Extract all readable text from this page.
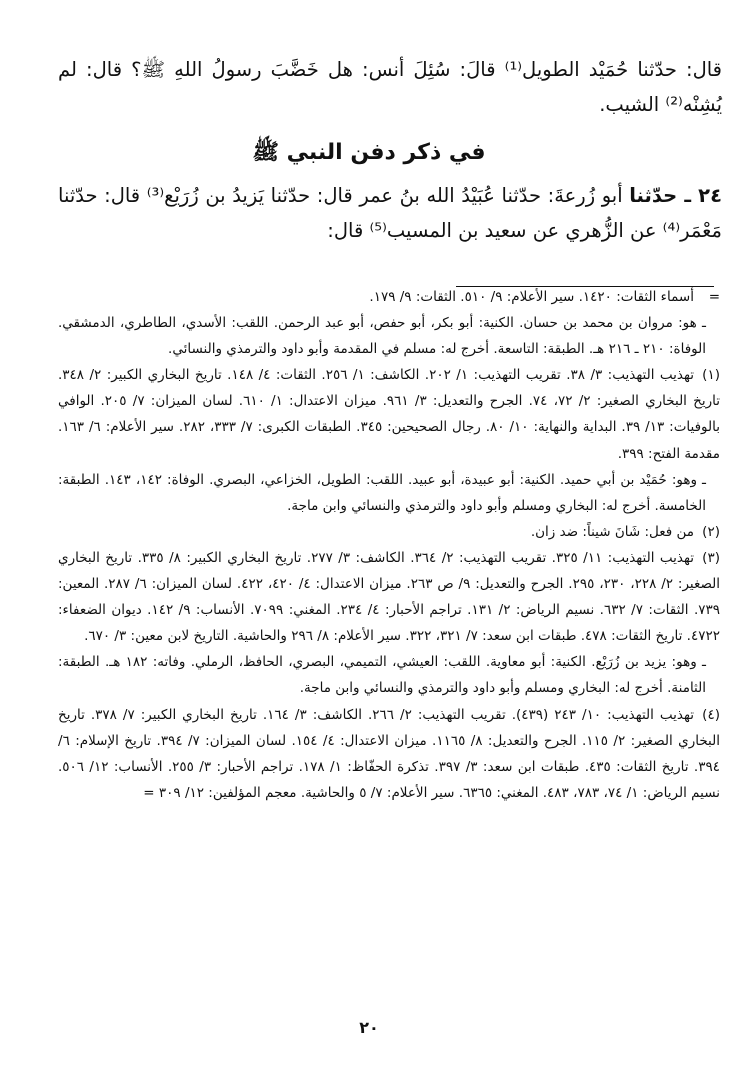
قال: حدّثنا حُمَيْد الطويل⁽¹⁾ قالَ: سُئِلَ أنس: هل خَضَّبَ رسولُ اللهِ ﷺ؟ قال: لم يُشِنْه⁽²⁾ الشيب.
في ذكر دفن النبي ﷺ
٢٤ ـ حدّثنا أبو زُرعةَ: حدّثنا عُبَيْدُ الله بنُ عمر قال: حدّثنا يَزيدُ بن زُرَيْع⁽³⁾ قال: حدّثنا مَعْمَر⁽⁴⁾ عن الزُّهري عن سعيد بن المسيب⁽⁵⁾ قال:
=أسماء الثقات: ١٤٢٠. سير الأعلام: ٩/ ٥١٠. الثقات: ٩/ ١٧٩.
ـ هو: مروان بن محمد بن حسان. الكنية: أبو بكر، أبو حفص، أبو عبد الرحمن. اللقب: الأسدي، الطاطري، الدمشقي. الوفاة: ٢١٠ ـ ٢١٦ هـ. الطبقة: التاسعة. أخرج له: مسلم في المقدمة وأبو داود والترمذي والنسائي.
(١)تهذيب التهذيب: ٣/ ٣٨. تقريب التهذيب: ١/ ٢٠٢. الكاشف: ١/ ٢٥٦. الثقات: ٤/ ١٤٨. تاريخ البخاري الكبير: ٢/ ٣٤٨. تاريخ البخاري الصغير: ٢/ ٧٢، ٧٤. الجرح والتعديل: ٣/ ٩٦١. ميزان الاعتدال: ١/ ٦١٠. لسان الميزان: ٧/ ٢٠٥. الوافي بالوفيات: ١٣/ ٣٩. البداية والنهاية: ١٠/ ٨٠. رجال الصحيحين: ٣٤٥. الطبقات الكبرى: ٧/ ٣٣٣، ٢٨٢. سير الأعلام: ٦/ ١٦٣. مقدمة الفتح: ٣٩٩.
ـ وهو: حُمَيْد بن أبي حميد. الكنية: أبو عبيدة، أبو عبيد. اللقب: الطويل، الخزاعي، البصري. الوفاة: ١٤٢، ١٤٣. الطبقة: الخامسة. أخرج له: البخاري ومسلم وأبو داود والترمذي والنسائي وابن ماجة.
(٢)من فعل: شَانَ شيناً: ضد زان.
(٣)تهذيب التهذيب: ١١/ ٣٢٥. تقريب التهذيب: ٢/ ٣٦٤. الكاشف: ٣/ ٢٧٧. تاريخ البخاري الكبير: ٨/ ٣٣٥. تاريخ البخاري الصغير: ٢/ ٢٢٨، ٢٣٠، ٢٩٥. الجرح والتعديل: ٩/ ص ٢٦٣. ميزان الاعتدال: ٤/ ٤٢٠، ٤٢٢. لسان الميزان: ٦/ ٢٨٧. المعين: ٧٣٩. الثقات: ٧/ ٦٣٢. نسيم الرياض: ٢/ ١٣١. تراجم الأحبار: ٤/ ٢٣٤. المغني: ٧٠٩٩. الأنساب: ٩/ ١٤٢. ديوان الضعفاء: ٤٧٢٢. تاريخ الثقات: ٤٧٨. طبقات ابن سعد: ٧/ ٣٢١، ٣٢٢. سير الأعلام: ٨/ ٢٩٦ والحاشية. التاريخ لابن معين: ٣/ ٦٧٠.
ـ وهو: يزيد بن زُرَيْع. الكنية: أبو معاوية. اللقب: العيشي، التميمي، البصري، الحافظ، الرملي. وفاته: ١٨٢ هـ. الطبقة: الثامنة. أخرج له: البخاري ومسلم وأبو داود والترمذي والنسائي وابن ماجة.
(٤)تهذيب التهذيب: ١٠/ ٢٤٣ (٤٣٩). تقريب التهذيب: ٢/ ٢٦٦. الكاشف: ٣/ ١٦٤. تاريخ البخاري الكبير: ٧/ ٣٧٨. تاريخ البخاري الصغير: ٢/ ١١٥. الجرح والتعديل: ٨/ ١١٦٥. ميزان الاعتدال: ٤/ ١٥٤. لسان الميزان: ٧/ ٣٩٤. تاريخ الإسلام: ٦/ ٣٩٤. تاريخ الثقات: ٤٣٥. طبقات ابن سعد: ٣/ ٣٩٧. تذكرة الحفّاظ: ١/ ١٧٨. تراجم الأحبار: ٣/ ٢٥٥. الأنساب: ١٢/ ٥٠٦. نسيم الرياض: ١/ ٧٤، ٧٨٣، ٤٨٣. المغني: ٦٣٦٥. سير الأعلام: ٧/ ٥ والحاشية. معجم المؤلفين: ١٢/ ٣٠٩ =
٢٠
